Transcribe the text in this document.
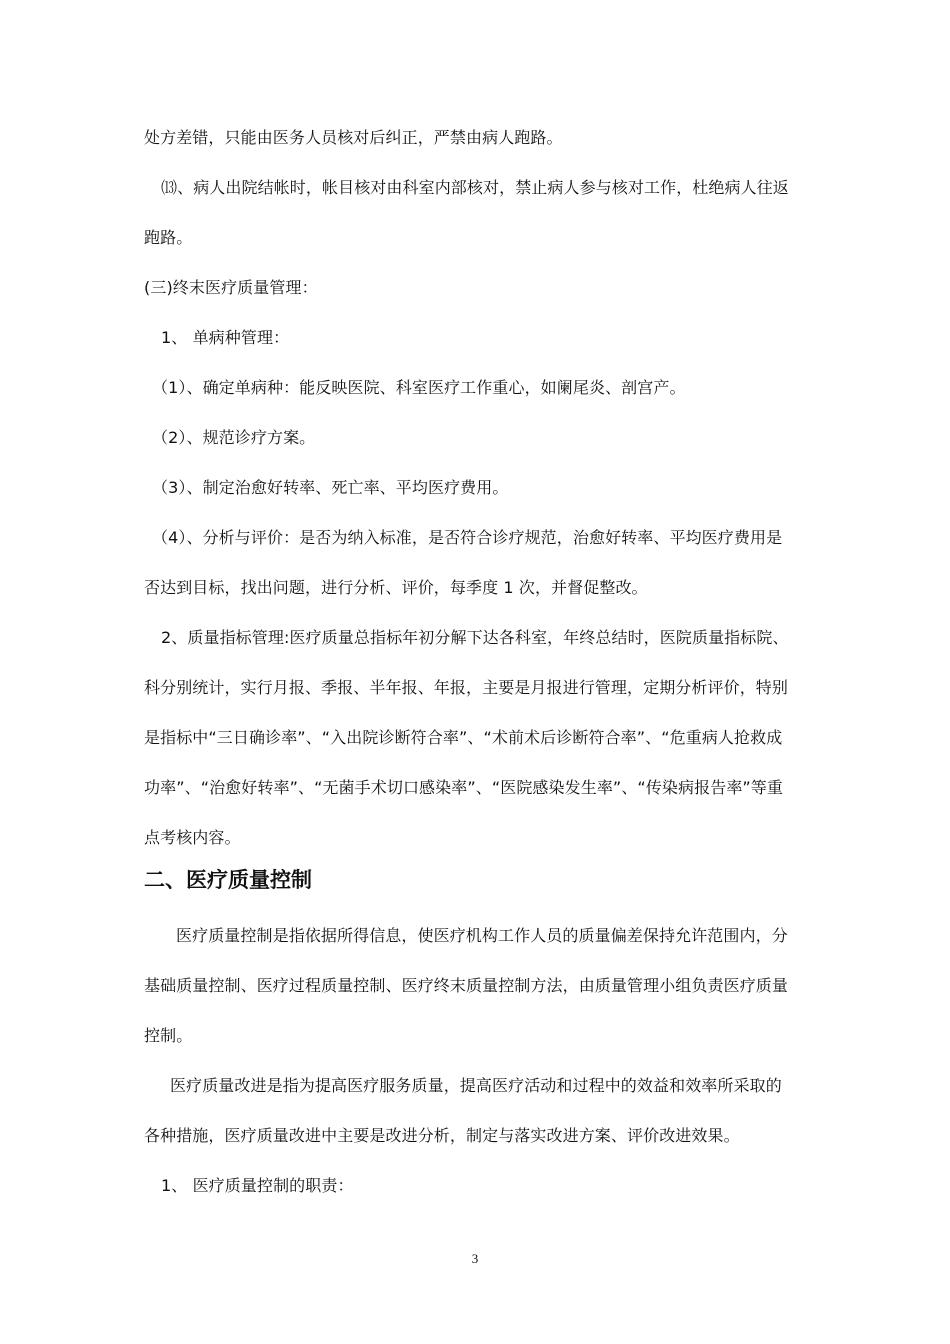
处方差错，只能由医务人员核对后纠正，严禁由病人跑路。
⒀、病人出院结帐时，帐目核对由科室内部核对，禁止病人参与核对工作，杜绝病人往返
跑路。
(三)终末医疗质量管理：
1、 单病种管理：
（1）、确定单病种：能反映医院、科室医疗工作重心，如阑尾炎、剖宫产。
（2）、规范诊疗方案。
（3）、制定治愈好转率、死亡率、平均医疗费用。
（4）、分析与评价：是否为纳入标准，是否符合诊疗规范，治愈好转率、平均医疗费用是
否达到目标，找出问题，进行分析、评价，每季度 1 次，并督促整改。
2、质量指标管理:医疗质量总指标年初分解下达各科室，年终总结时，医院质量指标院、
科分别统计，实行月报、季报、半年报、年报，主要是月报进行管理，定期分析评价，特别
是指标中“三日确诊率”、“入出院诊断符合率”、“术前术后诊断符合率”、“危重病人抢救成
功率”、“治愈好转率”、“无菌手术切口感染率”、“医院感染发生率”、“传染病报告率”等重
点考核内容。
二、医疗质量控制
医疗质量控制是指依据所得信息，使医疗机构工作人员的质量偏差保持允许范围内，分
基础质量控制、医疗过程质量控制、医疗终末质量控制方法，由质量管理小组负责医疗质量
控制。
医疗质量改进是指为提高医疗服务质量，提高医疗活动和过程中的效益和效率所采取的
各种措施，医疗质量改进中主要是改进分析，制定与落实改进方案、评价改进效果。
1、 医疗质量控制的职责：
3
